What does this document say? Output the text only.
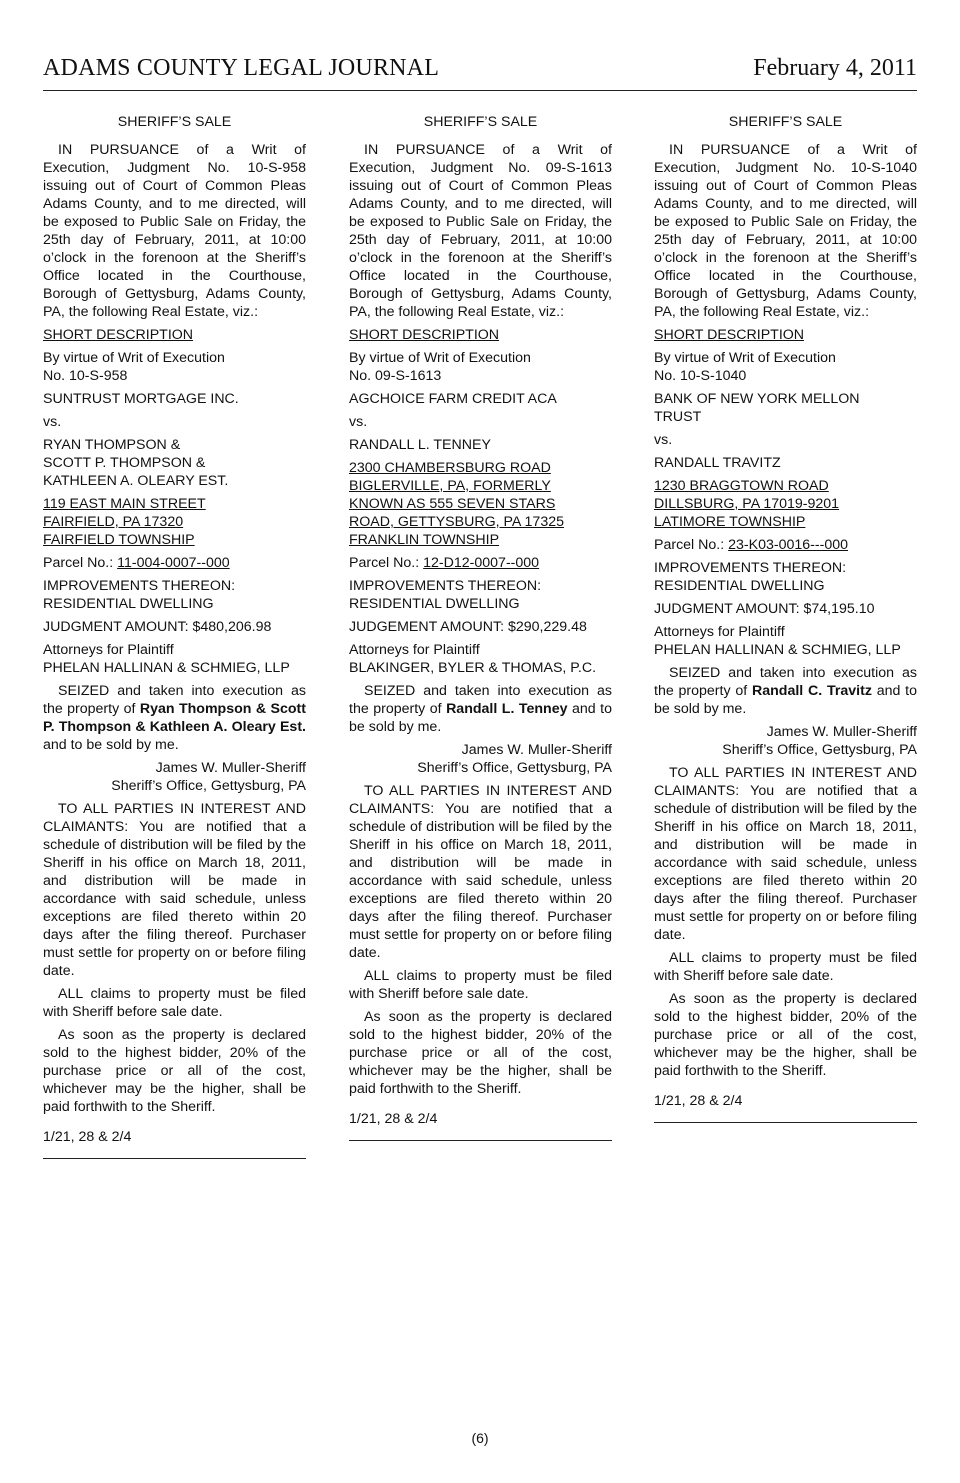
ADAMS COUNTY LEGAL JOURNAL	February 4, 2011

SHERIFF’S SALE

IN PURSUANCE of a Writ of Execution, Judgment No. 10-S-958 issuing out of Court of Common Pleas Adams County, and to me directed, will be exposed to Public Sale on Friday, the 25th day of February, 2011, at 10:00 o’clock in the forenoon at the Sheriff’s Office located in the Courthouse, Borough of Gettysburg, Adams County, PA, the following Real Estate, viz.:

SHORT DESCRIPTION

By virtue of Writ of Execution
No. 10-S-958

SUNTRUST MORTGAGE INC.

vs.

RYAN THOMPSON &
SCOTT P. THOMPSON &
KATHLEEN A. OLEARY EST.

119 EAST MAIN STREET
FAIRFIELD, PA 17320
FAIRFIELD TOWNSHIP

Parcel No.: 11-004-0007--000

IMPROVEMENTS THEREON:
RESIDENTIAL DWELLING

JUDGMENT AMOUNT: $480,206.98

Attorneys for Plaintiff
PHELAN HALLINAN & SCHMIEG, LLP

SEIZED and taken into execution as the property of Ryan Thompson & Scott P. Thompson & Kathleen A. Oleary Est. and to be sold by me.

James W. Muller-Sheriff
Sheriff’s Office, Gettysburg, PA

TO ALL PARTIES IN INTEREST AND CLAIMANTS: You are notified that a schedule of distribution will be filed by the Sheriff in his office on March 18, 2011, and distribution will be made in accordance with said schedule, unless exceptions are filed thereto within 20 days after the filing thereof. Purchaser must settle for property on or before filing date.

ALL claims to property must be filed with Sheriff before sale date.

As soon as the property is declared sold to the highest bidder, 20% of the purchase price or all of the cost, whichever may be the higher, shall be paid forthwith to the Sheriff.

1/21, 28 & 2/4

SHERIFF’S SALE

IN PURSUANCE of a Writ of Execution, Judgment No. 09-S-1613 issuing out of Court of Common Pleas Adams County, and to me directed, will be exposed to Public Sale on Friday, the 25th day of February, 2011, at 10:00 o’clock in the forenoon at the Sheriff’s Office located in the Courthouse, Borough of Gettysburg, Adams County, PA, the following Real Estate, viz.:

SHORT DESCRIPTION

By virtue of Writ of Execution
No. 09-S-1613

AGCHOICE FARM CREDIT ACA

vs.

RANDALL L. TENNEY

2300 CHAMBERSBURG ROAD
BIGLERVILLE, PA, FORMERLY
KNOWN AS 555 SEVEN STARS
ROAD, GETTYSBURG, PA 17325
FRANKLIN TOWNSHIP

Parcel No.: 12-D12-0007--000

IMPROVEMENTS THEREON:
RESIDENTIAL DWELLING

JUDGEMENT AMOUNT: $290,229.48

Attorneys for Plaintiff
BLAKINGER, BYLER & THOMAS, P.C.

SEIZED and taken into execution as the property of Randall L. Tenney and to be sold by me.

James W. Muller-Sheriff
Sheriff’s Office, Gettysburg, PA

TO ALL PARTIES IN INTEREST AND CLAIMANTS: You are notified that a schedule of distribution will be filed by the Sheriff in his office on March 18, 2011, and distribution will be made in accordance with said schedule, unless exceptions are filed thereto within 20 days after the filing thereof. Purchaser must settle for property on or before filing date.

ALL claims to property must be filed with Sheriff before sale date.

As soon as the property is declared sold to the highest bidder, 20% of the purchase price or all of the cost, whichever may be the higher, shall be paid forthwith to the Sheriff.

1/21, 28 & 2/4

SHERIFF’S SALE

IN PURSUANCE of a Writ of Execution, Judgment No. 10-S-1040 issuing out of Court of Common Pleas Adams County, and to me directed, will be exposed to Public Sale on Friday, the 25th day of February, 2011, at 10:00 o’clock in the forenoon at the Sheriff’s Office located in the Courthouse, Borough of Gettysburg, Adams County, PA, the following Real Estate, viz.:

SHORT DESCRIPTION

By virtue of Writ of Execution
No. 10-S-1040

BANK OF NEW YORK MELLON
TRUST

vs.

RANDALL TRAVITZ

1230 BRAGGTOWN ROAD
DILLSBURG, PA 17019-9201
LATIMORE TOWNSHIP

Parcel No.: 23-K03-0016---000

IMPROVEMENTS THEREON:
RESIDENTIAL DWELLING

JUDGMENT AMOUNT: $74,195.10

Attorneys for Plaintiff
PHELAN HALLINAN & SCHMIEG, LLP

SEIZED and taken into execution as the property of Randall C. Travitz and to be sold by me.

James W. Muller-Sheriff
Sheriff’s Office, Gettysburg, PA

TO ALL PARTIES IN INTEREST AND CLAIMANTS: You are notified that a schedule of distribution will be filed by the Sheriff in his office on March 18, 2011, and distribution will be made in accordance with said schedule, unless exceptions are filed thereto within 20 days after the filing thereof. Purchaser must settle for property on or before filing date.

ALL claims to property must be filed with Sheriff before sale date.

As soon as the property is declared sold to the highest bidder, 20% of the purchase price or all of the cost, whichever may be the higher, shall be paid forthwith to the Sheriff.

1/21, 28 & 2/4

(6)
